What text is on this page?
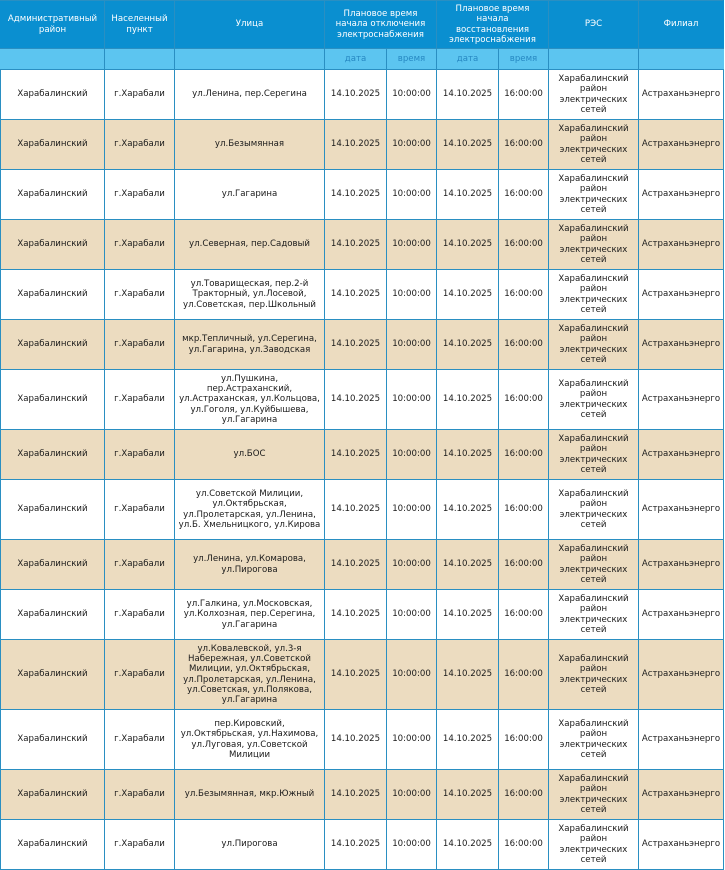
Административный район	Населенный пункт	Улица	Плановое время начала отключения электроснабжения		Плановое время начала восстановления электроснабжения		РЭС	Филиал
			дата	время	дата	время		
Харабалинский	г.Харабали	ул.Ленина, пер.Серегина	14.10.2025	10:00:00	14.10.2025	16:00:00	Харабалинский район электрических сетей	Астраханьэнерго
Харабалинский	г.Харабали	ул.Безымянная	14.10.2025	10:00:00	14.10.2025	16:00:00	Харабалинский район электрических сетей	Астраханьэнерго
Харабалинский	г.Харабали	ул.Гагарина	14.10.2025	10:00:00	14.10.2025	16:00:00	Харабалинский район электрических сетей	Астраханьэнерго
Харабалинский	г.Харабали	ул.Северная, пер.Садовый	14.10.2025	10:00:00	14.10.2025	16:00:00	Харабалинский район электрических сетей	Астраханьэнерго
Харабалинский	г.Харабали	ул.Товарищеская, пер.2-й Тракторный, ул.Лосевой, ул.Советская, пер.Школьный	14.10.2025	10:00:00	14.10.2025	16:00:00	Харабалинский район электрических сетей	Астраханьэнерго
Харабалинский	г.Харабали	мкр.Тепличный, ул.Серегина, ул.Гагарина, ул.Заводская	14.10.2025	10:00:00	14.10.2025	16:00:00	Харабалинский район электрических сетей	Астраханьэнерго
Харабалинский	г.Харабали	ул.Пушкина, пер.Астраханский, ул.Астраханская, ул.Кольцова, ул.Гоголя, ул.Куйбышева, ул.Гагарина	14.10.2025	10:00:00	14.10.2025	16:00:00	Харабалинский район электрических сетей	Астраханьэнерго
Харабалинский	г.Харабали	ул.БОС	14.10.2025	10:00:00	14.10.2025	16:00:00	Харабалинский район электрических сетей	Астраханьэнерго
Харабалинский	г.Харабали	ул.Советской Милиции, ул.Октябрьская, ул.Пролетарская, ул.Ленина, ул.Б. Хмельницкого, ул.Кирова	14.10.2025	10:00:00	14.10.2025	16:00:00	Харабалинский район электрических сетей	Астраханьэнерго
Харабалинский	г.Харабали	ул.Ленина, ул.Комарова, ул.Пирогова	14.10.2025	10:00:00	14.10.2025	16:00:00	Харабалинский район электрических сетей	Астраханьэнерго
Харабалинский	г.Харабали	ул.Галкина, ул.Московская, ул.Колхозная, пер.Серегина, ул.Гагарина	14.10.2025	10:00:00	14.10.2025	16:00:00	Харабалинский район электрических сетей	Астраханьэнерго
Харабалинский	г.Харабали	ул.Ковалевской, ул.3-я Набережная, ул.Советской Милиции, ул.Октябрьская, ул.Пролетарская, ул.Ленина, ул.Советская, ул.Полякова, ул.Гагарина	14.10.2025	10:00:00	14.10.2025	16:00:00	Харабалинский район электрических сетей	Астраханьэнерго
Харабалинский	г.Харабали	пер.Кировский, ул.Октябрьская, ул.Нахимова, ул.Луговая, ул.Советской Милиции	14.10.2025	10:00:00	14.10.2025	16:00:00	Харабалинский район электрических сетей	Астраханьэнерго
Харабалинский	г.Харабали	ул.Безымянная, мкр.Южный	14.10.2025	10:00:00	14.10.2025	16:00:00	Харабалинский район электрических сетей	Астраханьэнерго
Харабалинский	г.Харабали	ул.Пирогова	14.10.2025	10:00:00	14.10.2025	16:00:00	Харабалинский район электрических сетей	Астраханьэнерго
